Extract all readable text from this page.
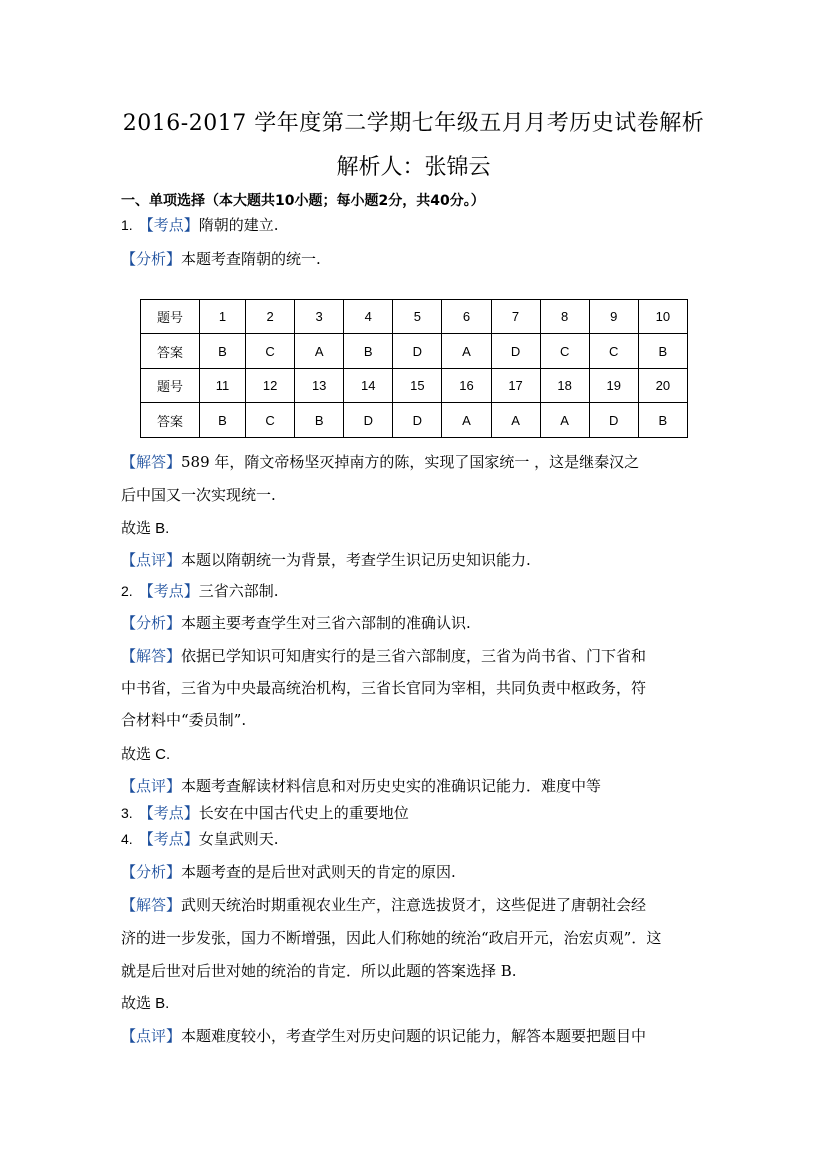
2016-2017 学年度第二学期七年级五月月考历史试卷解析
解析人：张锦云
一、单项选择（本大题共10小题；每小题2分，共40分。）
1. 【考点】隋朝的建立.
【分析】本题考查隋朝的统一.
题号	1	2	3	4	5	6	7	8	9	10
答案	B	C	A	B	D	A	D	C	C	B
题号	11	12	13	14	15	16	17	18	19	20
答案	B	C	B	D	D	A	A	A	D	B
【解答】589 年，隋文帝杨坚灭掉南方的陈，实现了国家统一 ，这是继秦汉之
后中国又一次实现统一.
故选 B.
【点评】本题以隋朝统一为背景，考查学生识记历史知识能力.
2. 【考点】三省六部制.
【分析】本题主要考查学生对三省六部制的准确认识.
【解答】依据已学知识可知唐实行的是三省六部制度，三省为尚书省、门下省和
中书省，三省为中央最高统治机构，三省长官同为宰相，共同负责中枢政务，符
合材料中“委员制”.
故选 C.
【点评】本题考查解读材料信息和对历史史实的准确识记能力．难度中等
3. 【考点】长安在中国古代史上的重要地位
4. 【考点】女皇武则天.
【分析】本题考查的是后世对武则天的肯定的原因.
【解答】武则天统治时期重视农业生产，注意选拔贤才，这些促进了唐朝社会经
济的进一步发张，国力不断增强，因此人们称她的统治“政启开元，治宏贞观”．这
就是后世对后世对她的统治的肯定．所以此题的答案选择 B.
故选 B.
【点评】本题难度较小，考查学生对历史问题的识记能力，解答本题要把题目中
